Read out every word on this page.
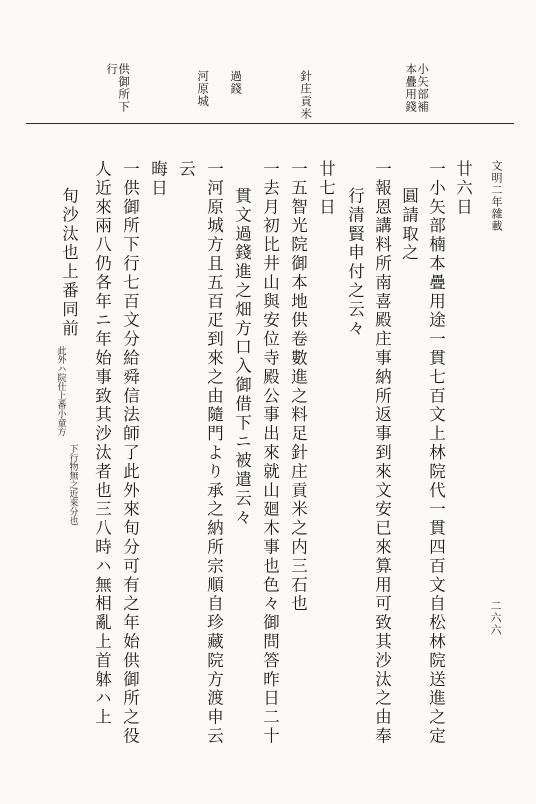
文明二年雜載
二六六
小矢部補
本疊用錢
針庄貢米
過錢
河原城
供御所下
行
廿六日
一小矢部楠本疊用途一貫七百文上林院代一貫四百文自松林院送進之定
圓請取之
一報恩講料所南喜殿庄事納所返事到來文安已來算用可致其沙汰之由奉
行清賢申付之云々
廿七日
一五智光院御本地供卷數進之料足針庄貢米之内三石也
一去月初比井山與安位寺殿公事出來就山廻木事也色々御問答昨日二十
貫文過錢進之畑方口入御借下ニ被遣云々
一河原城方且五百疋到來之由隨門より承之納所宗順自珍藏院方渡申云
云
晦日
一供御所下行七百文分給舜信法師了此外來旬分可有之年始供御所之役
人近來兩八仍各年ニ年始事致其沙汰者也三八時ハ無相亂上首躰ハ上
旬沙汰也上番同前 此外ハ院仕上番小童方 下行物無之近來分也
